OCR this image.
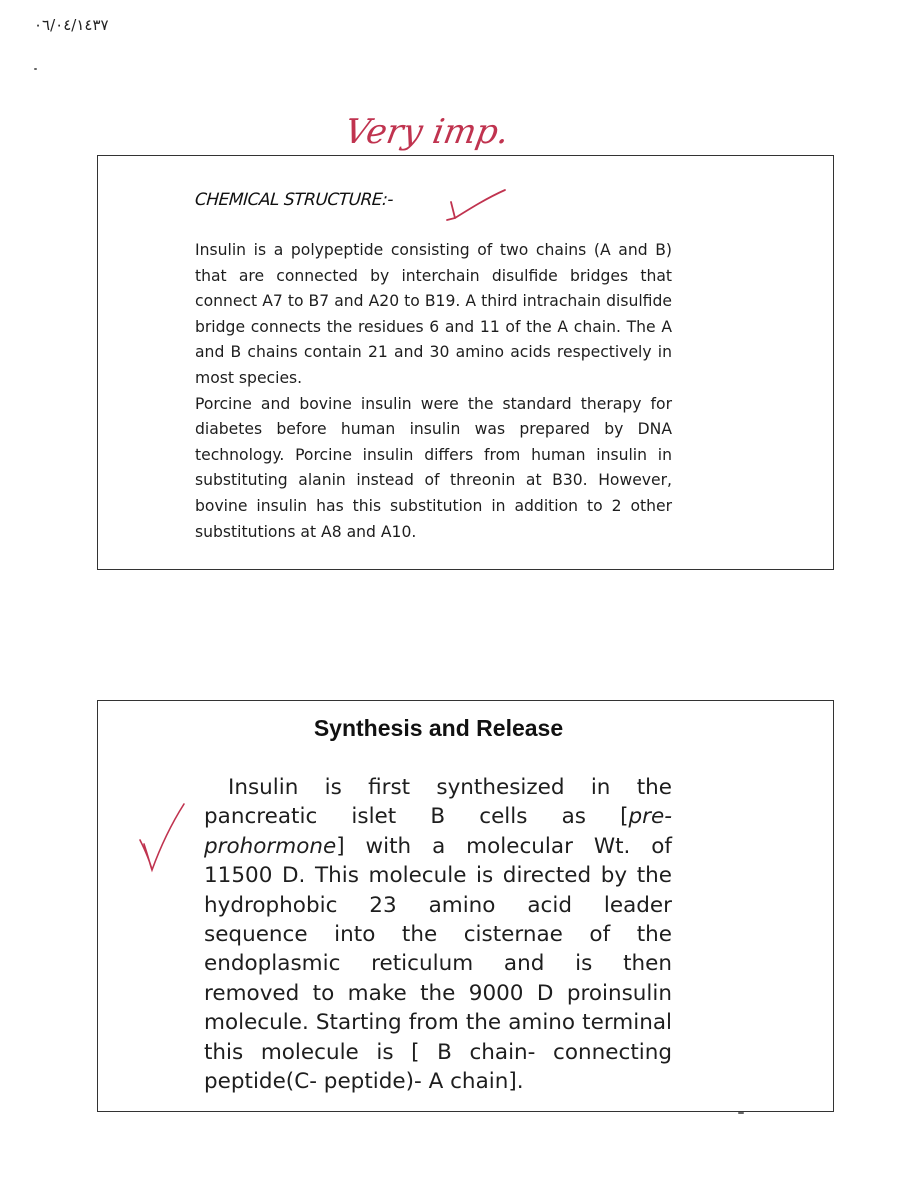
٠٦/٠٤/١٤٣٧
Very imp.
CHEMICAL STRUCTURE:-

Insulin is a polypeptide consisting of two chains (A and B) that are connected by interchain disulfide bridges that connect A7 to B7 and A20 to B19. A third intrachain disulfide bridge connects the residues 6 and 11 of the A chain. The A and B chains contain 21 and 30 amino acids respectively in most species.

Porcine and bovine insulin were the standard therapy for diabetes before human insulin was prepared by DNA technology. Porcine insulin differs from human insulin in substituting alanin instead of threonin at B30. However, bovine insulin has this substitution in addition to 2 other substitutions at A8 and A10.

Synthesis and Release

Insulin is first synthesized in the pancreatic islet B cells as [pre-prohormone] with a molecular Wt. of 11500 D. This molecule is directed by the hydrophobic 23 amino acid leader sequence into the cisternae of the endoplasmic reticulum and is then removed to make the 9000 D proinsulin molecule. Starting from the amino terminal this molecule is [ B chain- connecting peptide(C- peptide)- A chain].
